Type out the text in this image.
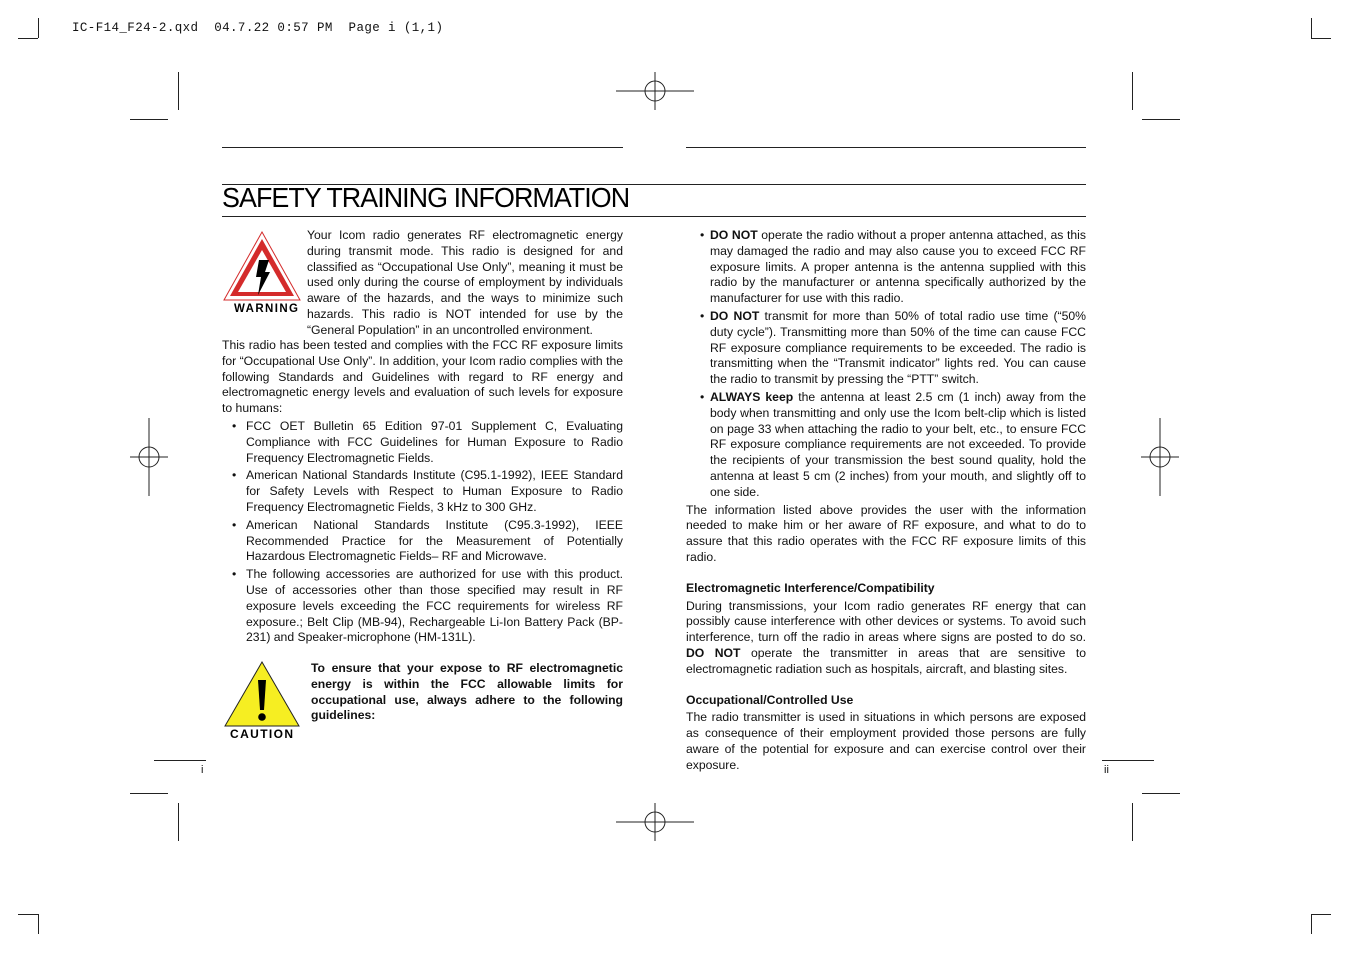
IC-F14_F24-2.qxd  04.7.22 0:57 PM  Page i (1,1)
SAFETY TRAINING INFORMATION
WARNING

Your Icom radio generates RF electromagnetic energy during transmit mode. This radio is designed for and classified as “Occupational Use Only”, meaning it must be used only during the course of employment by individuals aware of the hazards, and the ways to minimize such hazards. This radio is NOT intended for use by the “General Population” in an uncontrolled environment.

This radio has been tested and complies with the FCC RF exposure limits for “Occupational Use Only”. In addition, your Icom radio complies with the following Standards and Guidelines with regard to RF energy and electromagnetic energy levels and evaluation of such levels for exposure to humans:

• FCC OET Bulletin 65 Edition 97-01 Supplement C, Evaluating Compliance with FCC Guidelines for Human Exposure to Radio Frequency Electromagnetic Fields.
• American National Standards Institute (C95.1-1992), IEEE Standard for Safety Levels with Respect to Human Exposure to Radio Frequency Electromagnetic Fields, 3 kHz to 300 GHz.
• American National Standards Institute (C95.3-1992), IEEE Recommended Practice for the Measurement of Potentially Hazardous Electromagnetic Fields– RF and Microwave.
• The following accessories are authorized for use with this product. Use of accessories other than those specified may result in RF exposure levels exceeding the FCC requirements for wireless RF exposure.; Belt Clip (MB-94), Rechargeable Li-Ion Battery Pack (BP-231) and Speaker-microphone (HM-131L).
CAUTION
To ensure that your expose to RF electromagnetic energy is within the FCC allowable limits for occupational use, always adhere to the following guidelines:
i
• DO NOT operate the radio without a proper antenna attached, as this may damaged the radio and may also cause you to exceed FCC RF exposure limits. A proper antenna is the antenna supplied with this radio by the manufacturer or antenna specifically authorized by the manufacturer for use with this radio.
• DO NOT transmit for more than 50% of total radio use time (“50% duty cycle”). Transmitting more than 50% of the time can cause FCC RF exposure compliance requirements to be exceeded. The radio is transmitting when the “Transmit indicator” lights red. You can cause the radio to transmit by pressing the “PTT” switch.
• ALWAYS keep the antenna at least 2.5 cm (1 inch) away from the body when transmitting and only use the Icom belt-clip which is listed on page 33 when attaching the radio to your belt, etc., to ensure FCC RF exposure compliance requirements are not exceeded. To provide the recipients of your transmission the best sound quality, hold the antenna at least 5 cm (2 inches) from your mouth, and slightly off to one side.

The information listed above provides the user with the information needed to make him or her aware of RF exposure, and what to do to assure that this radio operates with the FCC RF exposure limits of this radio.

Electromagnetic Interference/Compatibility

During transmissions, your Icom radio generates RF energy that can possibly cause interference with other devices or systems. To avoid such interference, turn off the radio in areas where signs are posted to do so. DO NOT operate the transmitter in areas that are sensitive to electromagnetic radiation such as hospitals, aircraft, and blasting sites.

Occupational/Controlled Use

The radio transmitter is used in situations in which persons are exposed as consequence of their employment provided those persons are fully aware of the potential for exposure and can exercise control over their exposure.	ii
